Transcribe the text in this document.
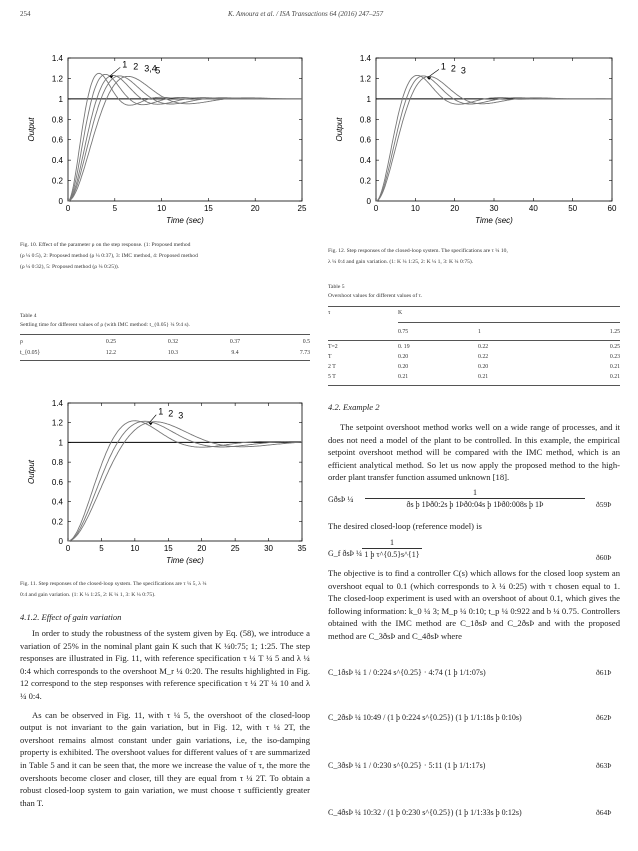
254	K. Amoura et al. / ISA Transactions 64 (2016) 247–257
0	5	10	15	20	25
0
0.2
0.4
0.6
0.8
1
1.2
1.4
Time (sec)
Output
1 2 3,4
5
Fig. 10. Effect of the parameter ρ on the step response. (1: Proposed method
(ρ ¼ 0:5), 2: Proposed method (ρ ¼ 0:37), 3: IMC method, 4: Proposed method
(ρ ¼ 0:32), 5: Proposed method (ρ ¼ 0:25)).
Table 4
Settling time for different values of ρ (with IMC method: t_{0.05} ¼ 9:4 s).
ρ	0.25	0.32	0.37	0.5
t_{0.05}	12.2	10.3	9.4	7.73
0	5	10	15	20	25	30	35
0
0.2
0.4
0.6
0.8
1
1.2
1.4
Time (sec)
Output
1 2 3
Fig. 11. Step responses of the closed-loop system. The specifications are τ ¼ 5, λ ¼
0:4 and gain variation. (1: K ¼ 1:25, 2: K ¼ 1, 3: K ¼ 0:75).
4.1.2. Effect of gain variation

In order to study the robustness of the system given by Eq. (58), we introduce a variation of 25% in the nominal plant gain K such that K ¼0:75; 1; 1:25. The step responses are illustrated in Fig. 11, with reference specification τ ¼ T ¼ 5 and λ ¼ 0:4 which corresponds to the overshoot M_r ¼ 0:20. The results highlighted in Fig. 12 correspond to the step responses with reference specification τ ¼ 2T ¼ 10 and λ ¼ 0:4.

As can be observed in Fig. 11, with τ ¼ 5, the overshoot of the closed-loop output is not invariant to the gain variation, but in Fig. 12, with τ ¼ 2T, the overshoot remains almost constant under gain variations, i.e, the iso-damping property is exhibited. The overshoot values for different values of τ are summarized in Table 5 and it can be seen that, the more we increase the value of τ, the more the overshoots become closer and closer, till they are equal from τ ¼ 2T. To obtain a robust closed-loop system to gain variation, we must choose τ sufficiently greater than T.

0	10	20	30	40	50	60
0
0.2
0.4
0.6
0.8
1
1.2
1.4
Time (sec)
Output
1 2 3
Fig. 12. Step responses of the closed-loop system. The specifications are τ ¼ 10,
λ ¼ 0:4 and gain variation. (1: K ¼ 1:25, 2: K ¼ 1, 3: K ¼ 0:75).
Table 5
Overshoot values for different values of τ.
τ	K
0.75	1	1.25
T=2	0. 19	0.22	0.25
T	0.20	0.22	0.23
2 T	0.20	0.20	0.21
5 T	0.21	0.21	0.21
4.2. Example 2

The setpoint overshoot method works well on a wide range of processes, and it does not need a model of the plant to be controlled. In this example, the empirical setpoint overshoot method will be compared with the IMC method, which is an efficient analytical method. So let us now apply the proposed method to the high-order plant transfer function assumed unknown [18].

GðsÞ ¼ $\frac{1}{\text{ðs þ 1Þð0:2s þ 1Þð0:04s þ 1Þð0:008s þ 1Þ}}$ ð59Þ
The desired closed-loop (reference model) is
G_f ðsÞ ¼ $\frac{1}{\text{1 þ τ\textasciicircum{}\{0.5\}s\textasciicircum{}\{1\}}}$	ð60Þ
The objective is to find a controller C(s) which allows for the closed loop system an overshoot equal to 0.1 (which corresponds to λ ¼ 0:25) with τ chosen equal to 1. The closed-loop experiment is used with an overshoot of about 0.1, which gives the following information: k_0 ¼ 3; M_p ¼ 0:10; t_p ¼ 0:922 and b ¼ 0.75. Controllers obtained with the IMC method are C_1ðsÞ and C_2ðsÞ and with the proposed method are C_3ðsÞ and C_4ðsÞ where
C_1ðsÞ ¼ 1 / 0:224 s^{0.25} · 4:74 (1 þ 1/1:07s)	ð61Þ
C_2ðsÞ ¼ 10:49 / (1 þ 0:224 s^{0.25}) (1 þ 1/1:18s þ 0:10s)	ð62Þ
C_3ðsÞ ¼ 1 / 0:230 s^{0.25} · 5:11 (1 þ 1/1:17s)	ð63Þ
C_4ðsÞ ¼ 10:32 / (1 þ 0:230 s^{0.25}) (1 þ 1/1:33s þ 0:12s)	ð64Þ
